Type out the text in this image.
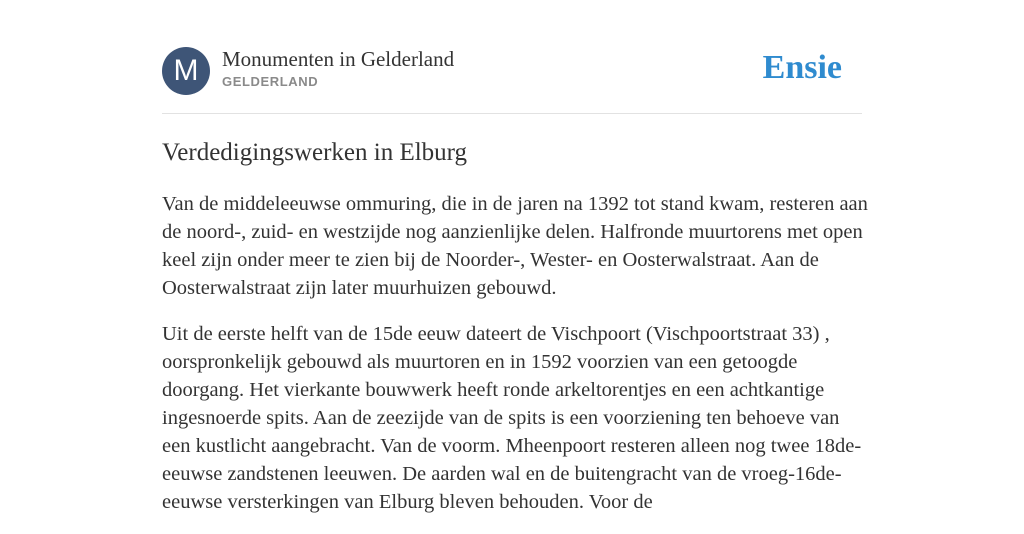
M	Monumenten in Gelderland
GELDERLAND	Ensie
Verdedigingswerken in Elburg

Van de middeleeuwse ommuring, die in de jaren na 1392 tot stand kwam, resteren aan de noord-, zuid- en westzijde nog aanzienlijke delen. Halfronde muurtorens met open keel zijn onder meer te zien bij de Noorder-, Wester- en Oosterwalstraat. Aan de Oosterwalstraat zijn later muurhuizen gebouwd.

Uit de eerste helft van de 15de eeuw dateert de Vischpoort (Vischpoortstraat 33) , oorspronkelijk gebouwd als muurtoren en in 1592 voorzien van een getoogde doorgang. Het vierkante bouwwerk heeft ronde arkeltorentjes en een achtkantige ingesnoerde spits. Aan de zeezijde van de spits is een voorziening ten behoeve van een kustlicht aangebracht. Van de voorm. Mheenpoort resteren alleen nog twee 18de-eeuwse zandstenen leeuwen. De aarden wal en de buitengracht van de vroeg-16de-eeuwse versterkingen van Elburg bleven behouden. Voor de
